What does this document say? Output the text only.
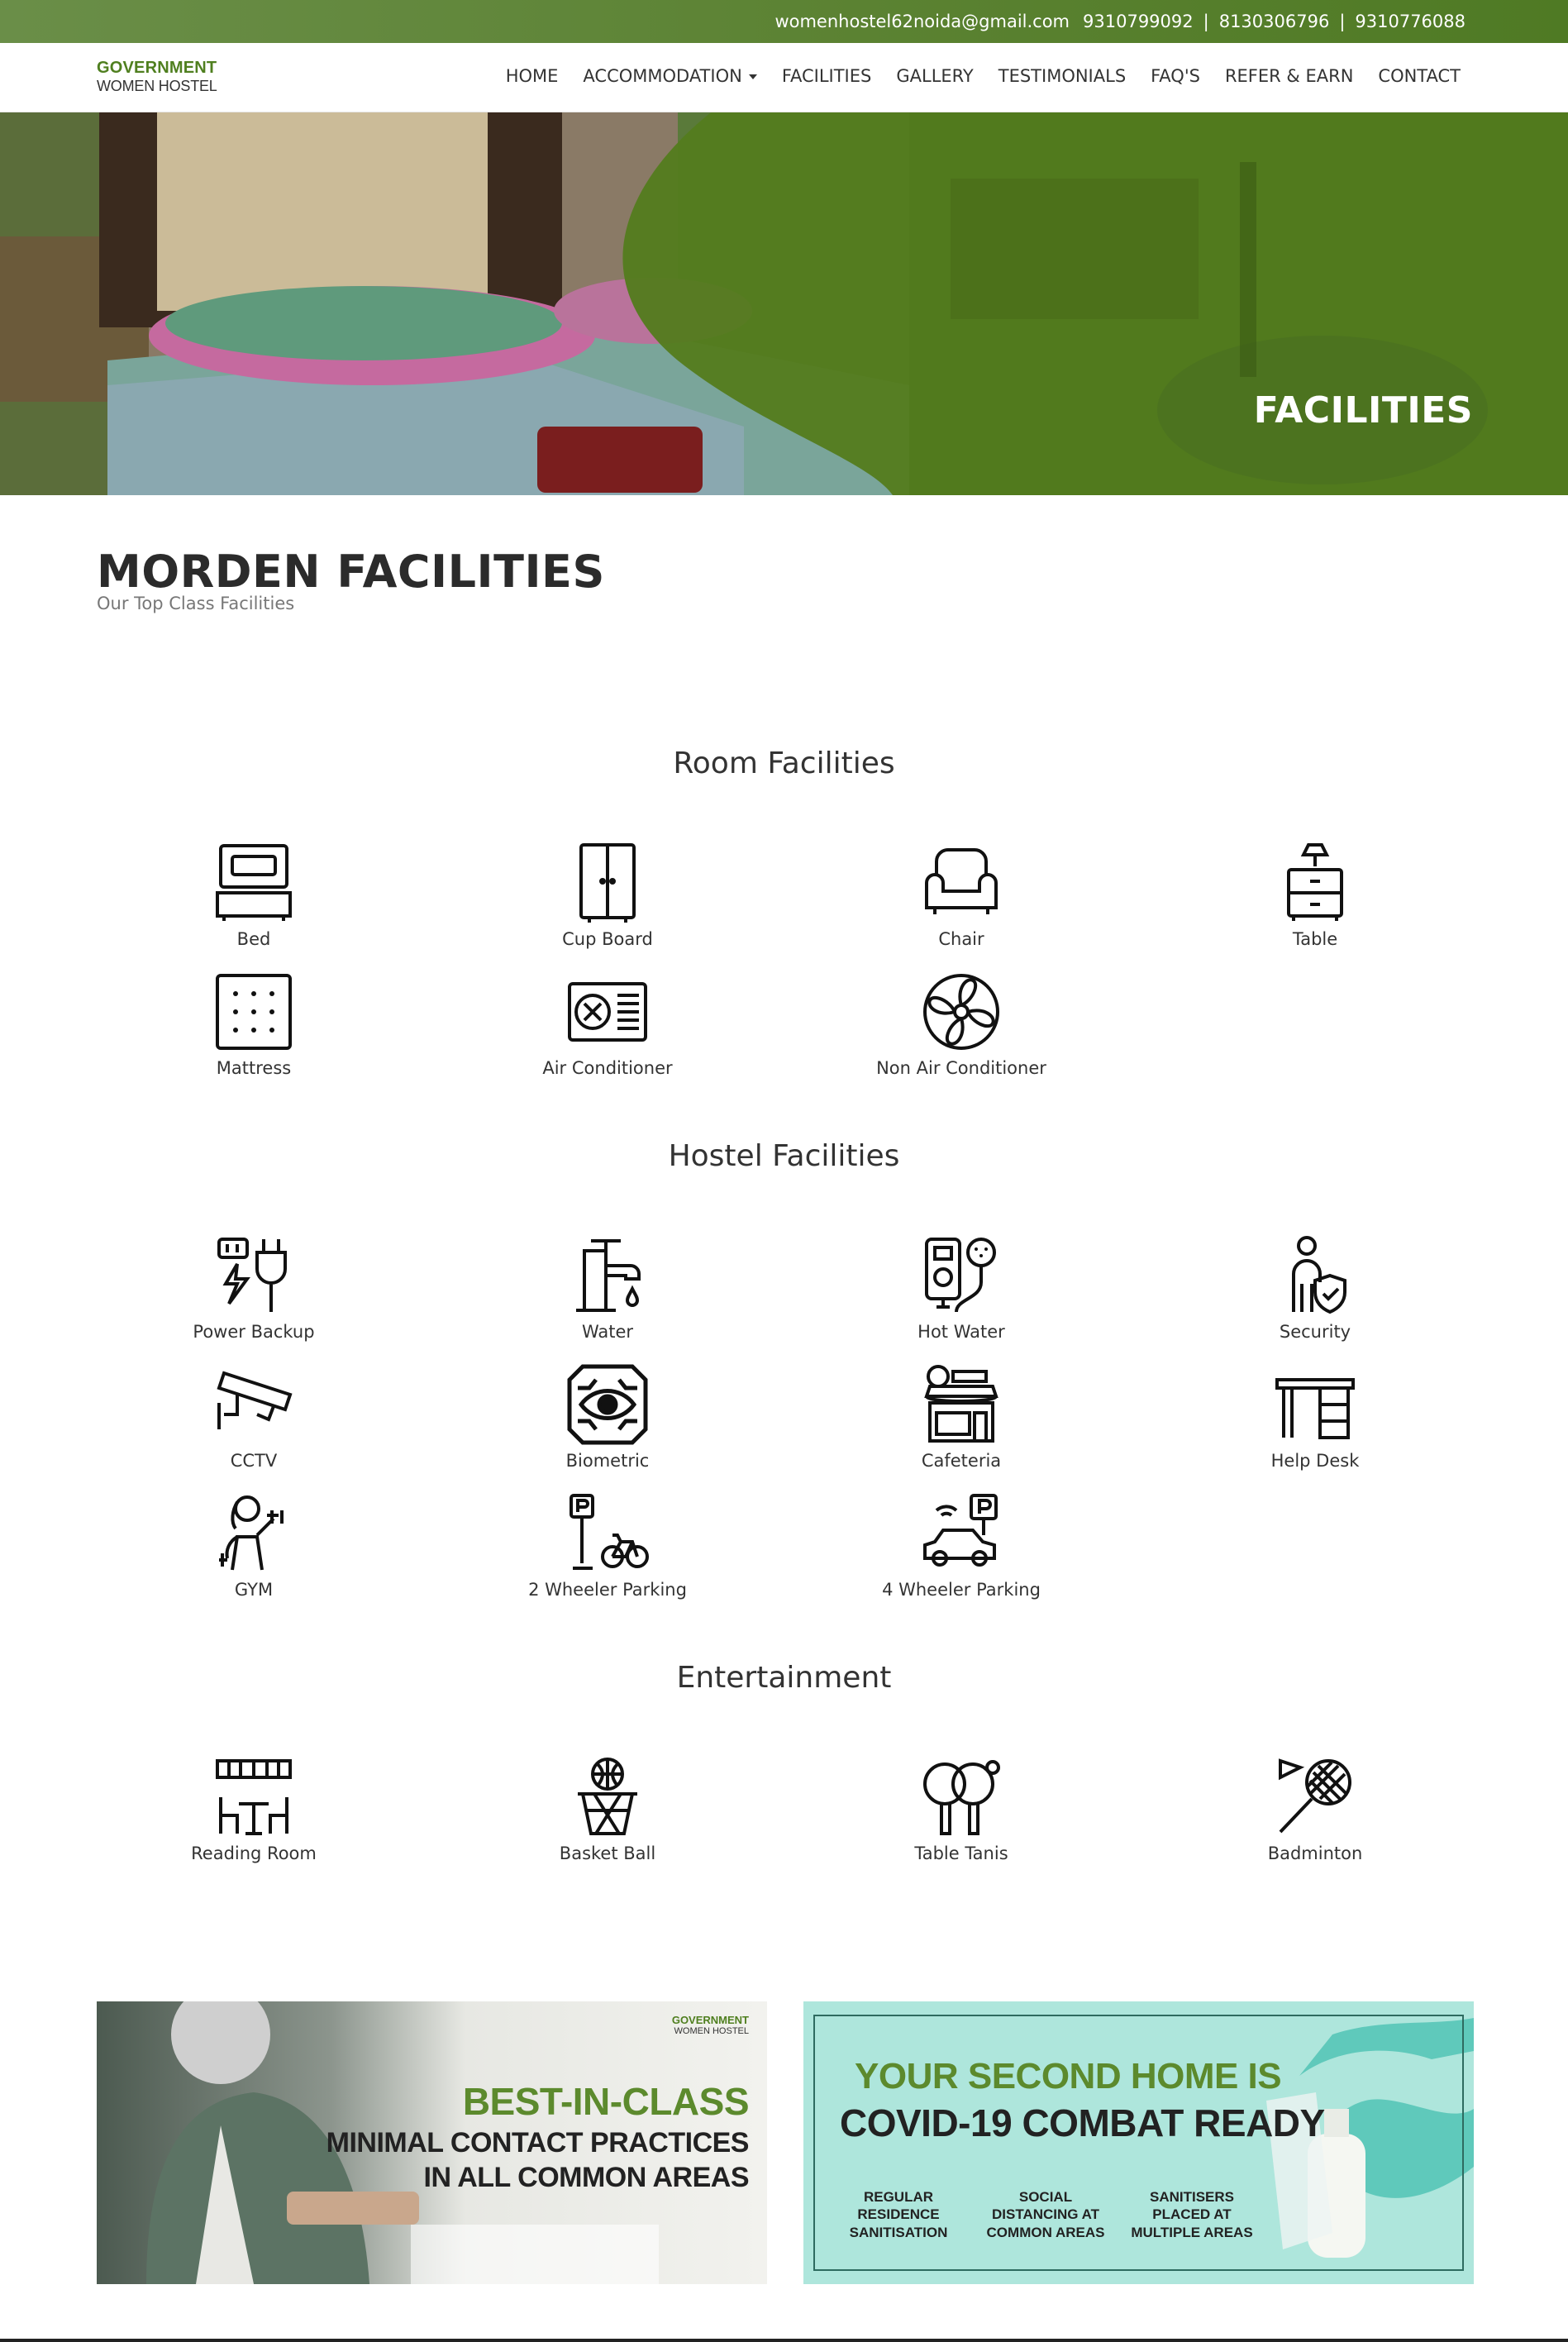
womenhostel62noida@gmail.com 9310799092 | 8130306796 | 9310776088
GOVERNMENT
WOMEN HOSTEL	HOME ACCOMMODATION	FACILITIES GALLERY TESTIMONIALS FAQ'S REFER & EARN CONTACT
FACILITIES
MORDEN FACILITIES
Our Top Class Facilities
Room Facilities
Bed	Cup Board	Chair	Table
Mattress	Air Conditioner	Non Air Conditioner
Hostel Facilities
Power Backup	Water	Hot Water	Security
CCTV	Biometric	Cafeteria	Help Desk
GYM	2 Wheeler Parking	4 Wheeler Parking
Entertainment
Reading Room	Basket Ball	Table Tanis	Badminton
GOVERNMENT
WOMEN HOSTEL
BEST-IN-CLASS
MINIMAL CONTACT PRACTICES
IN ALL COMMON AREAS
YOUR SECOND HOME IS
COVID-19 COMBAT READY
REGULAR RESIDENCE SANITISATION
SOCIAL DISTANCING AT COMMON AREAS
SANITISERS PLACED AT MULTIPLE AREAS
